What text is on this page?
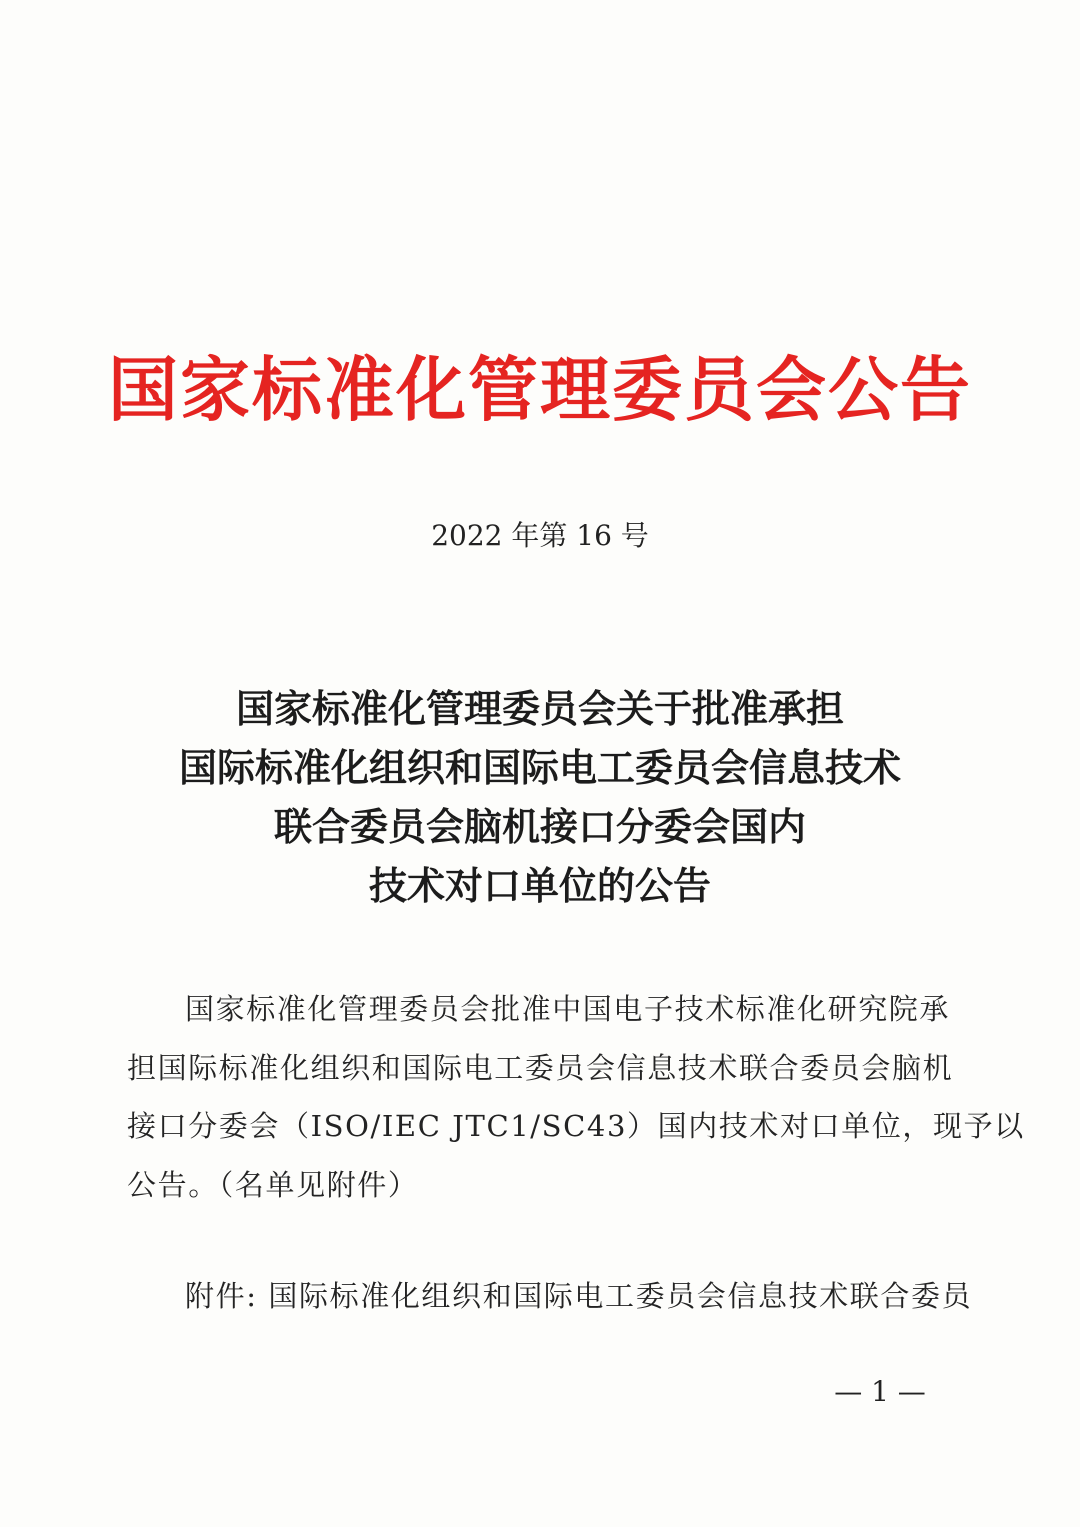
国家标准化管理委员会公告
2022 年第 16 号
国家标准化管理委员会关于批准承担
国际标准化组织和国际电工委员会信息技术
联合委员会脑机接口分委会国内
技术对口单位的公告
国家标准化管理委员会批准中国电子技术标准化研究院承
担国际标准化组织和国际电工委员会信息技术联合委员会脑机
接口分委会（ISO/IEC JTC1/SC43）国内技术对口单位，现予以
公告。（名单见附件）
附件: 国际标准化组织和国际电工委员会信息技术联合委员
— 1 —
